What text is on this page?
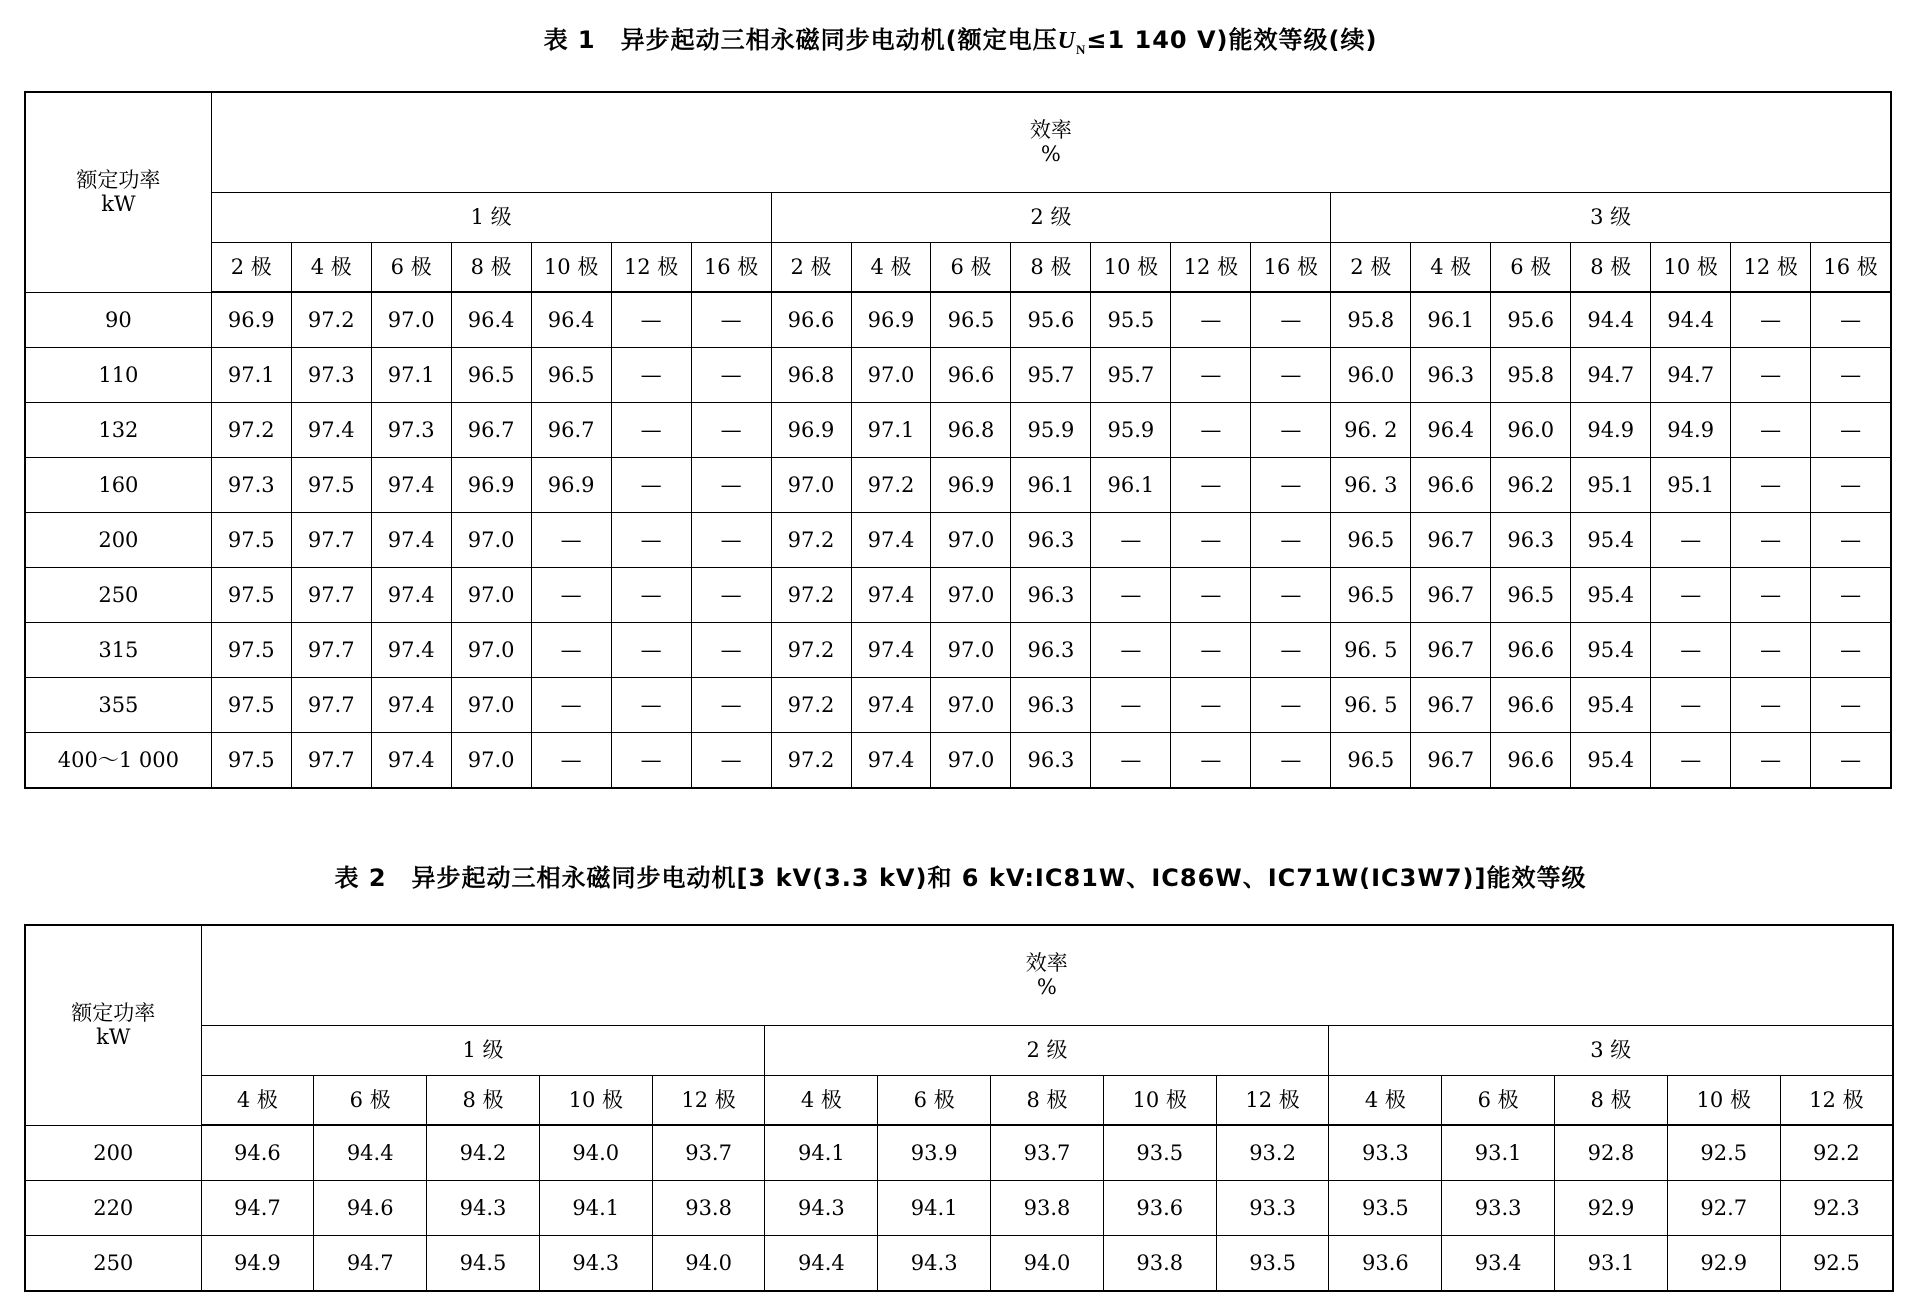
表 1　异步起动三相永磁同步电动机(额定电压$U_N\le 1$ 140 V)能效等级(续)
额定功率
kW	效率
%																				

	1 级							2 级							3 级						
	2 极	4 极	6 极	8 极	10 极	12 极	16 极	2 极	4 极	6 极	8 极	10 极	12 极	16 极	2 极	4 极	6 极	8 极	10 极	12 极	16 极
90	96.9	97.2	97.0	96.4	96.4	—	—	96.6	96.9	96.5	95.6	95.5	—	—	95.8	96.1	95.6	94.4	94.4	—	—
110	97.1	97.3	97.1	96.5	96.5	—	—	96.8	97.0	96.6	95.7	95.7	—	—	96.0	96.3	95.8	94.7	94.7	—	—
132	97.2	97.4	97.3	96.7	96.7	—	—	96.9	97.1	96.8	95.9	95.9	—	—	96. 2	96.4	96.0	94.9	94.9	—	—
160	97.3	97.5	97.4	96.9	96.9	—	—	97.0	97.2	96.9	96.1	96.1	—	—	96. 3	96.6	96.2	95.1	95.1	—	—
200	97.5	97.7	97.4	97.0	—	—	—	97.2	97.4	97.0	96.3	—	—	—	96.5	96.7	96.3	95.4	—	—	—
250	97.5	97.7	97.4	97.0	—	—	—	97.2	97.4	97.0	96.3	—	—	—	96.5	96.7	96.5	95.4	—	—	—
315	97.5	97.7	97.4	97.0	—	—	—	97.2	97.4	97.0	96.3	—	—	—	96. 5	96.7	96.6	95.4	—	—	—
355	97.5	97.7	97.4	97.0	—	—	—	97.2	97.4	97.0	96.3	—	—	—	96. 5	96.7	96.6	95.4	—	—	—
400～1 000	97.5	97.7	97.4	97.0	—	—	—	97.2	97.4	97.0	96.3	—	—	—	96.5	96.7	96.6	95.4	—	—	—
表 2　异步起动三相永磁同步电动机[3 kV(3.3 kV)和 6 kV:IC81W、IC86W、IC71W(IC3W7)]能效等级
额定功率
kW	效率
%														

	1 级					2 级					3 级				
	4 极	6 极	8 极	10 极	12 极	4 极	6 极	8 极	10 极	12 极	4 极	6 极	8 极	10 极	12 极
200	94.6	94.4	94.2	94.0	93.7	94.1	93.9	93.7	93.5	93.2	93.3	93.1	92.8	92.5	92.2
220	94.7	94.6	94.3	94.1	93.8	94.3	94.1	93.8	93.6	93.3	93.5	93.3	92.9	92.7	92.3
250	94.9	94.7	94.5	94.3	94.0	94.4	94.3	94.0	93.8	93.5	93.6	93.4	93.1	92.9	92.5
